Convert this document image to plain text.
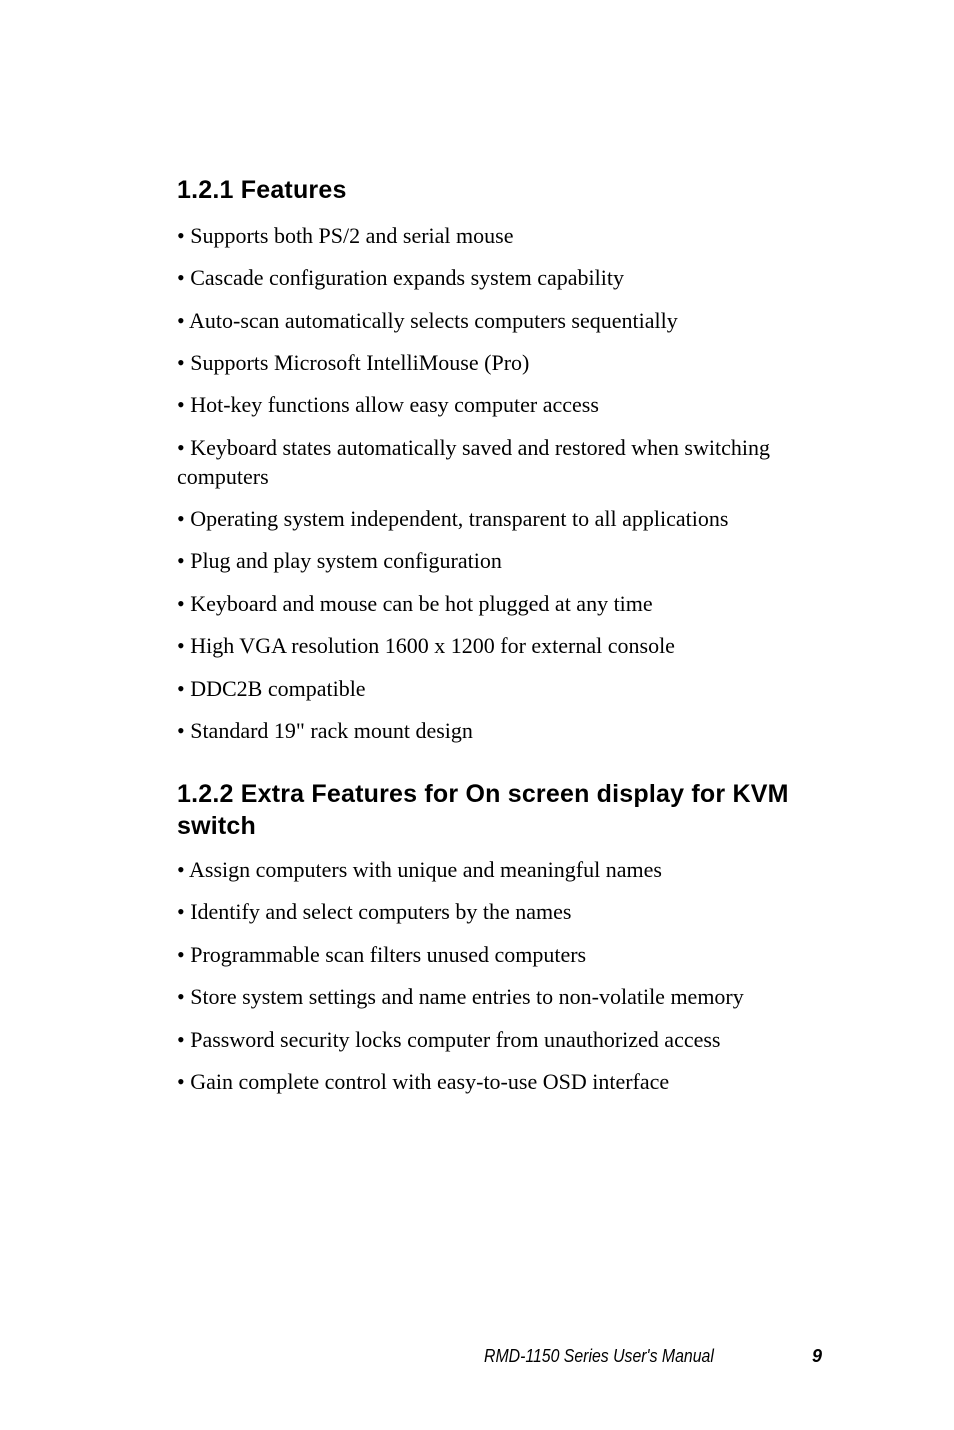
1.2.1 Features
• Supports both PS/2 and serial mouse
• Cascade configuration expands system capability
• Auto-scan automatically selects computers sequentially
• Supports Microsoft IntelliMouse (Pro)
• Hot-key functions allow easy computer access
• Keyboard states automatically saved and restored when switching computers
• Operating system independent, transparent to all applications
• Plug and play system configuration
• Keyboard and mouse can be hot plugged at any time
• High VGA resolution 1600 x 1200 for external console
• DDC2B compatible
• Standard 19" rack mount design
1.2.2 Extra Features for On screen display for KVM switch
• Assign computers with unique and meaningful names
• Identify and select computers by the names
• Programmable scan filters unused computers
• Store system settings and name entries to non-volatile memory
• Password security locks computer from unauthorized access
• Gain complete control with easy-to-use OSD interface
RMD-1150 Series User's Manual	9
